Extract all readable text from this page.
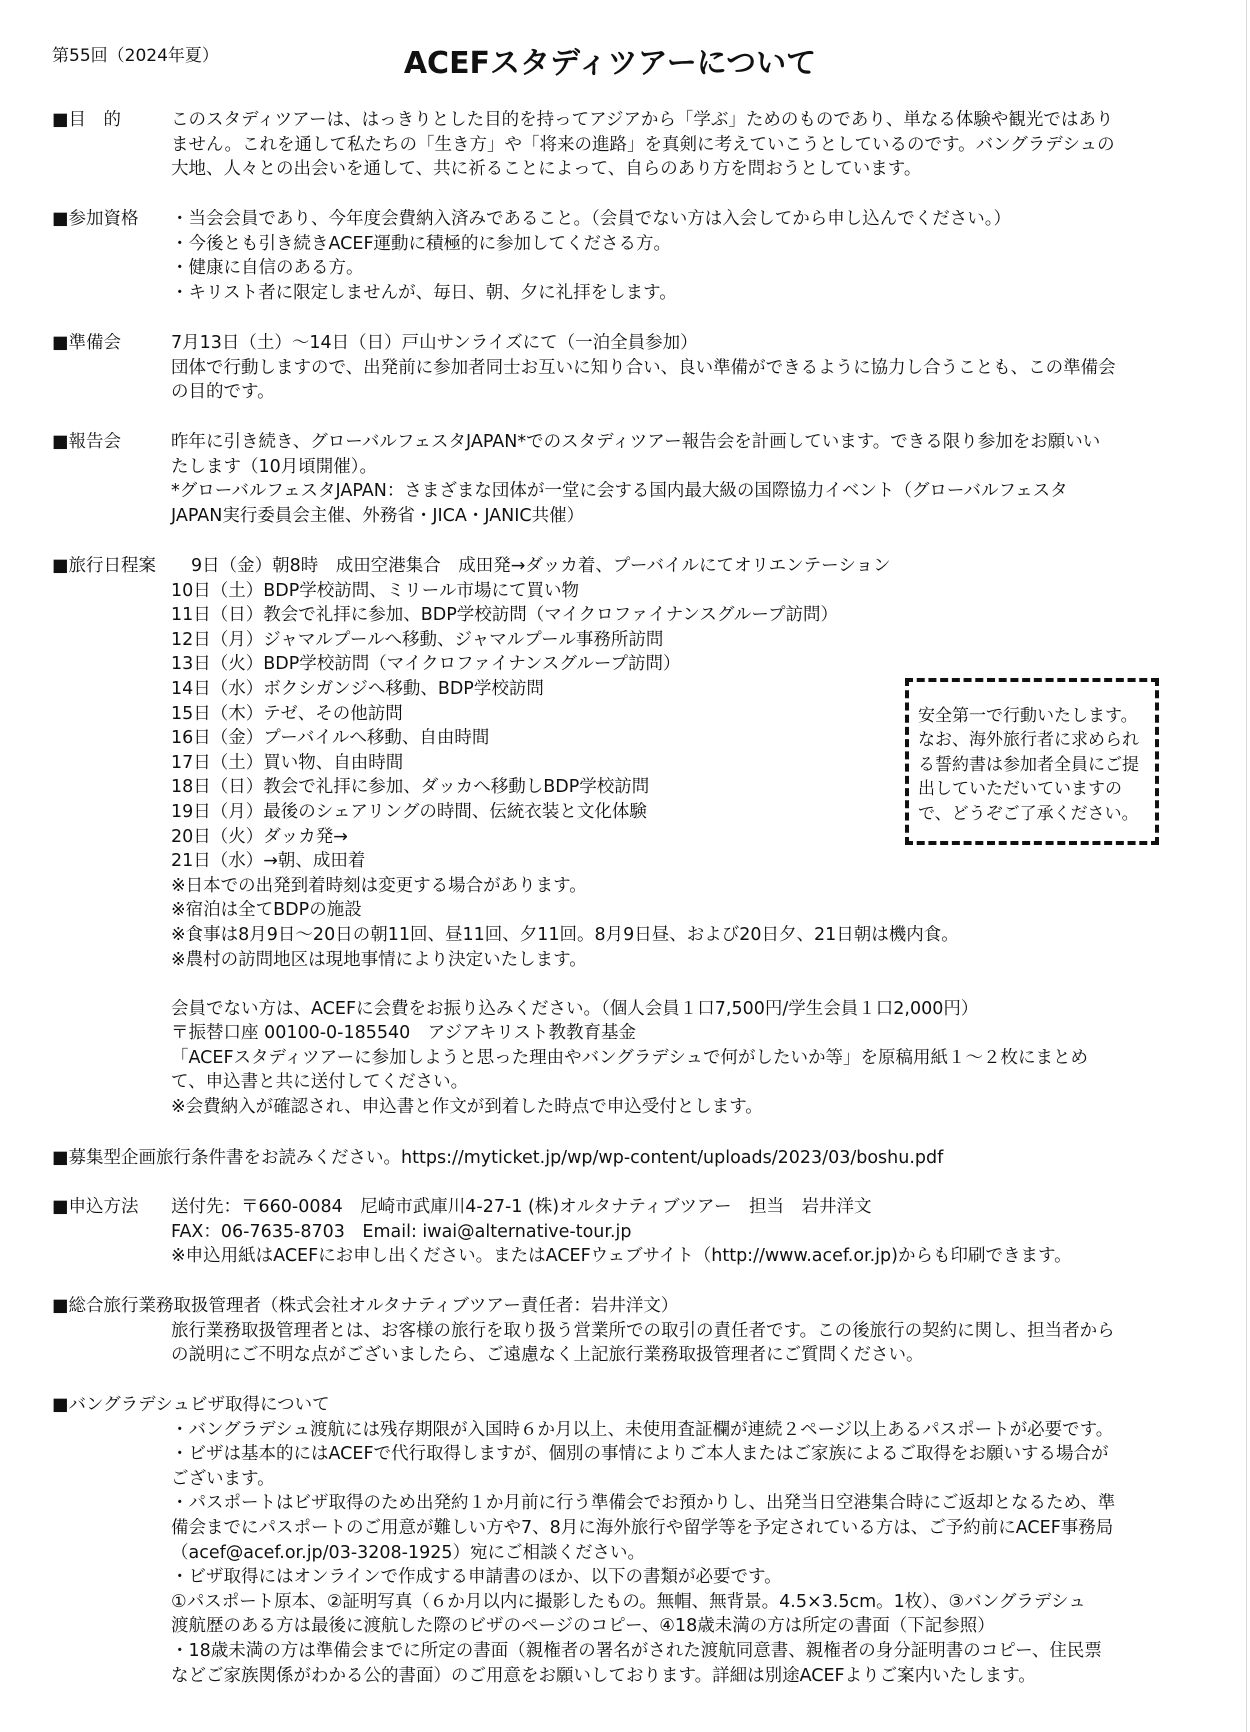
第55回（2024年夏）	ACEFスタディツアーについて
■目　的	このスタディツアーは、はっきりとした目的を持ってアジアから「学ぶ」ためのものであり、単なる体験や観光ではあり
ません。これを通して私たちの「生き方」や「将来の進路」を真剣に考えていこうとしているのです。バングラデシュの
大地、人々との出会いを通して、共に祈ることによって、自らのあり方を問おうとしています。
■参加資格 ・当会会員であり、今年度会費納入済みであること。（会員でない方は入会してから申し込んでください。）
・今後とも引き続きACEF運動に積極的に参加してくださる方。
・健康に自信のある方。
・キリスト者に限定しませんが、毎日、朝、夕に礼拝をします。
■準備会	7月13日（土）～14日（日）戸山サンライズにて（一泊全員参加）
団体で行動しますので、出発前に参加者同士お互いに知り合い、良い準備ができるように協力し合うことも、この準備会
の目的です。
■報告会	昨年に引き続き、グローバルフェスタJAPAN*でのスタディツアー報告会を計画しています。できる限り参加をお願いい
たします（10月頃開催）。
*グローバルフェスタJAPAN：さまざまな団体が一堂に会する国内最大級の国際協力イベント（グローバルフェスタ
JAPAN実行委員会主催、外務省・JICA・JANIC共催）
■旅行日程案	9日（金）朝8時　成田空港集合　成田発→ダッカ着、プーバイルにてオリエンテーション
10日（土）BDP学校訪問、ミリール市場にて買い物
11日（日）教会で礼拝に参加、BDP学校訪問（マイクロファイナンスグループ訪問）
12日（月）ジャマルプールへ移動、ジャマルプール事務所訪問
13日（火）BDP学校訪問（マイクロファイナンスグループ訪問）
14日（水）ボクシガンジへ移動、BDP学校訪問
15日（木）テゼ、その他訪問
16日（金）プーバイルへ移動、自由時間
17日（土）買い物、自由時間
18日（日）教会で礼拝に参加、ダッカへ移動しBDP学校訪問
19日（月）最後のシェアリングの時間、伝統衣装と文化体験
20日（火）ダッカ発→
21日（水）→朝、成田着
※日本での出発到着時刻は変更する場合があります。
※宿泊は全てBDPの施設
※食事は8月9日～20日の朝11回、昼11回、夕11回。8月9日昼、および20日夕、21日朝は機内食。
※農村の訪問地区は現地事情により決定いたします。
会員でない方は、ACEFに会費をお振り込みください。（個人会員１口7,500円/学生会員１口2,000円）
〒振替口座 00100-0-185540　アジアキリスト教教育基金
「ACEFスタディツアーに参加しようと思った理由やバングラデシュで何がしたいか等」を原稿用紙１～２枚にまとめ
て、申込書と共に送付してください。
※会費納入が確認され、申込書と作文が到着した時点で申込受付とします。
安全第一で行動いたします。
なお、海外旅行者に求められ
る誓約書は参加者全員にご提
出していただいていますの
で、どうぞご了承ください。
■募集型企画旅行条件書をお読みください。https://myticket.jp/wp/wp-content/uploads/2023/03/boshu.pdf
■申込方法 送付先：〒660-0084　尼崎市武庫川4-27-1 (株)オルタナティブツアー　担当　岩井洋文
FAX：06-7635-8703　Email: iwai@alternative-tour.jp
※申込用紙はACEFにお申し出ください。またはACEFウェブサイト（http://www.acef.or.jp)からも印刷できます。
■総合旅行業務取扱管理者（株式会社オルタナティブツアー責任者：岩井洋文）
旅行業務取扱管理者とは、お客様の旅行を取り扱う営業所での取引の責任者です。この後旅行の契約に関し、担当者から
の説明にご不明な点がございましたら、ご遠慮なく上記旅行業務取扱管理者にご質問ください。
■バングラデシュビザ取得について
・バングラデシュ渡航には残存期限が入国時６か月以上、未使用査証欄が連続２ページ以上あるパスポートが必要です。
・ビザは基本的にはACEFで代行取得しますが、個別の事情によりご本人またはご家族によるご取得をお願いする場合が
ございます。
・パスポートはビザ取得のため出発約１か月前に行う準備会でお預かりし、出発当日空港集合時にご返却となるため、準
備会までにパスポートのご用意が難しい方や7、8月に海外旅行や留学等を予定されている方は、ご予約前にACEF事務局
（acef@acef.or.jp/03-3208-1925）宛にご相談ください。
・ビザ取得にはオンラインで作成する申請書のほか、以下の書類が必要です。
①パスポート原本、②証明写真（６か月以内に撮影したもの。無帽、無背景。4.5×3.5cm。1枚）、③バングラデシュ
渡航歴のある方は最後に渡航した際のビザのページのコピー、④18歳未満の方は所定の書面（下記参照）
・18歳未満の方は準備会までに所定の書面（親権者の署名がされた渡航同意書、親権者の身分証明書のコピー、住民票
などご家族関係がわかる公的書面）のご用意をお願いしております。詳細は別途ACEFよりご案内いたします。
